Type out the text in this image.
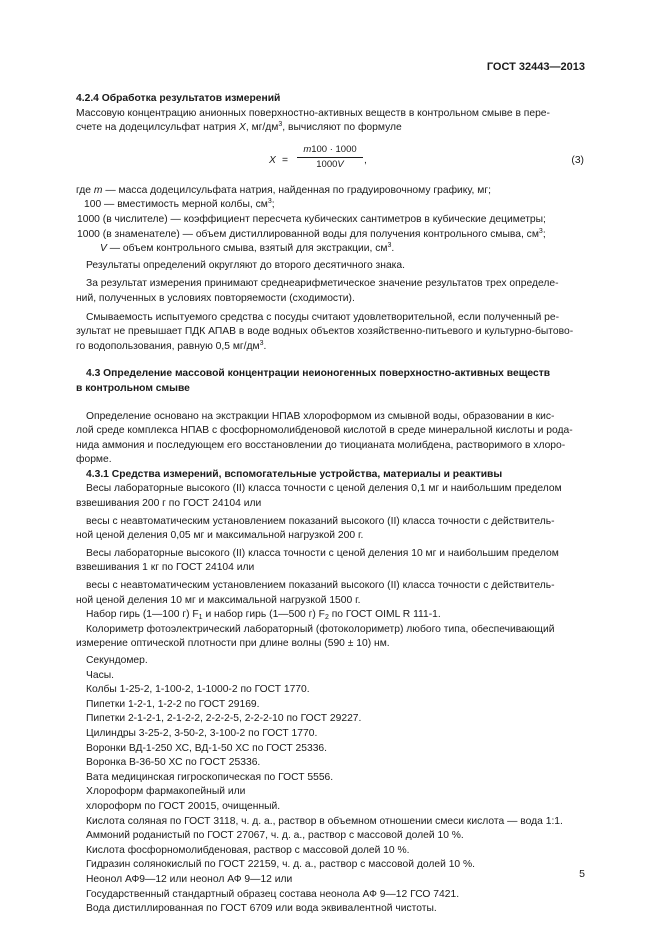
ГОСТ 32443—2013

4.2.4 Обработка результатов измерений

Массовую концентрацию анионных поверхностно-активных веществ в контрольном смыве в пере-

счете на додецилсульфат натрия X, $мг/дм^3$, вычисляют по формуле

$X = \frac{m100 \cdot 1000}{1000V}$ ,	(3)

где m — масса додецилсульфата натрия, найденная по градуировочному графику, мг;

100 — вместимость мерной колбы, $см^3$;

1000 (в числителе) — коэффициент пересчета кубических сантиметров в кубические дециметры;

1000 (в знаменателе) — объем дистиллированной воды для получения контрольного смыва, $см^3$;

V — объем контрольного смыва, взятый для экстракции, $см^3$.

Результаты определений округляют до второго десятичного знака.

За результат измерения принимают среднеарифметическое значение результатов трех определе-

ний, полученных в условиях повторяемости (сходимости).

Смываемость испытуемого средства с посуды считают удовлетворительной, если полученный ре-

зультат не превышает ПДК АПАВ в воде водных объектов хозяйственно-питьевого и культурно-бытово-

го водопользования, равную 0,5 $мг/дм^3$.

4.3 Определение массовой концентрации неионогенных поверхностно-активных веществ

в контрольном смыве

Определение основано на экстракции НПАВ хлороформом из смывной воды, образовании в кис-

лой среде комплекса НПАВ с фосфорномолибденовой кислотой в среде минеральной кислоты и рода-

нида аммония и последующем его восстановлении до тиоцианата молибдена, растворимого в хлоро-

форме.

4.3.1 Средства измерений, вспомогательные устройства, материалы и реактивы

Весы лабораторные высокого (II) класса точности с ценой деления 0,1 мг и наибольшим пределом

взвешивания 200 г по ГОСТ 24104 или

весы с неавтоматическим установлением показаний высокого (II) класса точности с действитель-

ной ценой деления 0,05 мг и максимальной нагрузкой 200 г.

Весы лабораторные высокого (II) класса точности с ценой деления 10 мг и наибольшим пределом

взвешивания 1 кг по ГОСТ 24104 или

весы с неавтоматическим установлением показаний высокого (II) класса точности с действитель-

ной ценой деления 10 мг и максимальной нагрузкой 1500 г.

Набор гирь (1—100 г) $F_1$ и набор гирь (1—500 г) $F_2$ по ГОСТ OIML R 111-1.

Колориметр фотоэлектрический лабораторный (фотоколориметр) любого типа, обеспечивающий

измерение оптической плотности при длине волны (590 ± 10) нм.

Секундомер.

Часы.

Колбы 1-25-2, 1-100-2, 1-1000-2 по ГОСТ 1770.

Пипетки 1-2-1, 1-2-2 по ГОСТ 29169.

Пипетки 2-1-2-1, 2-1-2-2, 2-2-2-5, 2-2-2-10 по ГОСТ 29227.

Цилиндры 3-25-2, 3-50-2, 3-100-2 по ГОСТ 1770.

Воронки ВД-1-250 ХС, ВД-1-50 ХС по ГОСТ 25336.

Воронка В-36-50 ХС по ГОСТ 25336.

Вата медицинская гигроскопическая по ГОСТ 5556.

Хлороформ фармакопейный или

хлороформ по ГОСТ 20015, очищенный.

Кислота соляная по ГОСТ 3118, ч. д. а., раствор в объемном отношении смеси кислота — вода 1:1.

Аммоний роданистый по ГОСТ 27067, ч. д. а., раствор с массовой долей 10 %.

Кислота фосфорномолибденовая, раствор с массовой долей 10 %.

Гидразин солянокислый по ГОСТ 22159, ч. д. а., раствор с массовой долей 10 %.

Неонол АФ9—12 или неонол АФ 9—12 или

Государственный стандартный образец состава неонола АФ 9—12 ГСО 7421.

Вода дистиллированная по ГОСТ 6709 или вода эквивалентной чистоты.

5
